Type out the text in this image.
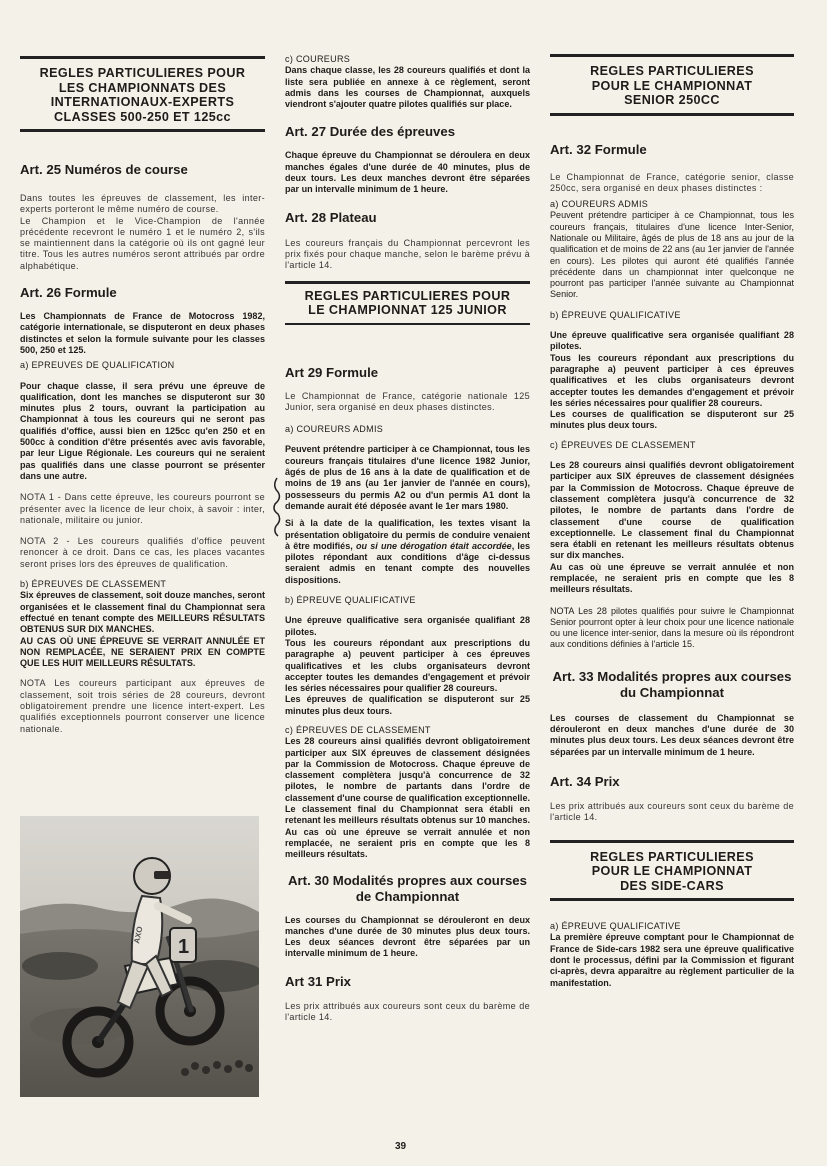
REGLES PARTICULIERES POUR
LES CHAMPIONNATS DES
INTERNATIONAUX-EXPERTS
CLASSES 500-250 ET 125cc
Art. 25 Numéros de course

Dans toutes les épreuves de classement, les inter-experts porteront le même numéro de course.

Le Champion et le Vice-Champion de l'année précédente recevront le numéro 1 et le numéro 2, s'ils se maintiennent dans la catégorie où ils ont gagné leur titre. Tous les autres numéros seront attribués par ordre alphabétique.

Art. 26 Formule

Les Championnats de France de Motocross 1982, catégorie internationale, se disputeront en deux phases distinctes et selon la formule suivante pour les classes 500, 250 et 125.

a) EPREUVES DE QUALIFICATION

Pour chaque classe, il sera prévu une épreuve de qualification, dont les manches se disputeront sur 30 minutes plus 2 tours, ouvrant la participation au Championnat à tous les coureurs qui ne seront pas qualifiés d'office, aussi bien en 125cc qu'en 250 et en 500cc à condition d'être présentés avec avis favorable, par leur Ligue Régionale. Les coureurs qui ne seraient pas qualifiés dans une classe pourront se présenter dans une autre.

NOTA 1 - Dans cette épreuve, les coureurs pourront se présenter avec la licence de leur choix, à savoir : inter, nationale, militaire ou junior.

NOTA 2 - Les coureurs qualifiés d'office peuvent renoncer à ce droit. Dans ce cas, les places vacantes seront prises lors des épreuves de qualification.

b) ÉPREUVES DE CLASSEMENT

Six épreuves de classement, soit douze manches, seront organisées et le classement final du Championnat sera effectué en tenant compte des MEILLEURS RÉSULTATS OBTENUS SUR DIX MANCHES.

AU CAS OÙ UNE ÉPREUVE SE VERRAIT ANNULÉE ET NON REMPLACÉE, NE SERAIENT PRIX EN COMPTE QUE LES HUIT MEILLEURS RÉSULTATS.

NOTA Les coureurs participant aux épreuves de classement, soit trois séries de 28 coureurs, devront obligatoirement prendre une licence intert-expert. Les qualifiés exceptionnels pourront conserver une licence nationale.

1
AXO

c) COUREURS

Dans chaque classe, les 28 coureurs qualifiés et dont la liste sera publiée en annexe à ce règlement, seront admis dans les courses de Championnat, auxquels viendront s'ajouter quatre pilotes qualifiés sur place.

Art. 27 Durée des épreuves

Chaque épreuve du Championnat se déroulera en deux manches égales d'une durée de 40 minutes, plus de deux tours. Les deux manches devront être séparées par un intervalle minimum de 1 heure.

Art. 28 Plateau

Les coureurs français du Championnat percevront les prix fixés pour chaque manche, selon le barème prévu à l'article 14.

REGLES PARTICULIERES POUR
LE CHAMPIONNAT 125 JUNIOR
Art 29 Formule

Le Championnat de France, catégorie nationale 125 Junior, sera organisé en deux phases distinctes.

a) COUREURS ADMIS

Peuvent prétendre participer à ce Championnat, tous les coureurs français titulaires d'une licence 1982 Junior, âgés de plus de 16 ans à la date de qualification et de moins de 19 ans (au 1er janvier de l'année en cours), possesseurs du permis A2 ou d'un permis A1 dont la demande aurait été déposée avant le 1er mars 1980.

Si à la date de la qualification, les textes visant la présentation obligatoire du permis de conduire venaient à être modifiés, ou si une dérogation était accordée, les pilotes répondant aux conditions d'âge ci-dessus seraient admis en tenant compte des nouvelles dispositions.

b) ÉPREUVE QUALIFICATIVE

Une épreuve qualificative sera organisée qualifiant 28 pilotes.

Tous les coureurs répondant aux prescriptions du paragraphe a) peuvent participer à ces épreuves qualificatives et les clubs organisateurs devront accepter toutes les demandes d'engagement et prévoir les séries nécessaires pour qualifier 28 coureurs.

Les épreuves de qualification se disputeront sur 25 minutes plus deux tours.

c) ÉPREUVES DE CLASSEMENT

Les 28 coureurs ainsi qualifiés devront obligatoirement participer aux SIX épreuves de classement désignées par la Commission de Motocross. Chaque épreuve de classement complètera jusqu'à concurrence de 32 pilotes, le nombre de partants dans l'ordre de classement d'une course de qualification exceptionnelle. Le classement final du Championnat sera établi en retenant les meilleurs résultats obtenus sur 10 manches. Au cas où une épreuve se verrait annulée et non remplacée, ne seraient pris en compte que les 8 meilleurs résultats.

Art. 30 Modalités propres aux courses de Championnat

Les courses du Championnat se dérouleront en deux manches d'une durée de 30 minutes plus deux tours. Les deux séances devront être séparées par un intervalle minimum de 1 heure.

Art 31 Prix

Les prix attribués aux coureurs sont ceux du barème de l'article 14.

REGLES PARTICULIERES
POUR LE CHAMPIONNAT
SENIOR 250CC
Art. 32 Formule

Le Championnat de France, catégorie senior, classe 250cc, sera organisé en deux phases distinctes :

a) COUREURS ADMIS

Peuvent prétendre participer à ce Championnat, tous les coureurs français, titulaires d'une licence Inter-Senior, Nationale ou Militaire, âgés de plus de 18 ans au jour de la qualification et de moins de 22 ans (au 1er janvier de l'année en cours). Les pilotes qui auront été qualifiés l'année précédente dans un championnat inter quelconque ne pourront pas participer l'année suivante au Championnat Senior.

b) ÉPREUVE QUALIFICATIVE

Une épreuve qualificative sera organisée qualifiant 28 pilotes.

Tous les coureurs répondant aux prescriptions du paragraphe a) peuvent participer à ces épreuves qualificatives et les clubs organisateurs devront accepter toutes les demandes d'engagement et prévoir les séries nécessaires pour qualifier 28 coureurs.

Les courses de qualification se disputeront sur 25 minutes plus deux tours.

c) ÉPREUVES DE CLASSEMENT

Les 28 coureurs ainsi qualifiés devront obligatoirement participer aux SIX épreuves de classement désignées par la Commission de Motocross. Chaque épreuve de classement complètera jusqu'à concurrence de 32 pilotes, le nombre de partants dans l'ordre de classement d'une course de qualification exceptionnelle. Le classement final du Championnat sera établi en retenant les meilleurs résultats obtenus sur dix manches.

Au cas où une épreuve se verrait annulée et non remplacée, ne seraient pris en compte que les 8 meilleurs résultats.

NOTA Les 28 pilotes qualifiés pour suivre le Championnat Senior pourront opter à leur choix pour une licence nationale ou une licence inter-senior, dans la mesure où ils répondront aux conditions définies à l'article 15.

Art. 33 Modalités propres aux courses du Championnat

Les courses de classement du Championnat se dérouleront en deux manches d'une durée de 30 minutes plus deux tours. Les deux séances devront être séparées par un intervalle minimum de 1 heure.

Art. 34 Prix

Les prix attribués aux coureurs sont ceux du barème de l'article 14.

REGLES PARTICULIERES
POUR LE CHAMPIONNAT
DES SIDE-CARS

a) ÉPREUVE QUALIFICATIVE

La première épreuve comptant pour le Championnat de France de Side-cars 1982 sera une épreuve qualificative dont le processus, défini par la Commission et figurant ci-après, devra apparaître au règlement particulier de la manifestation.

39
